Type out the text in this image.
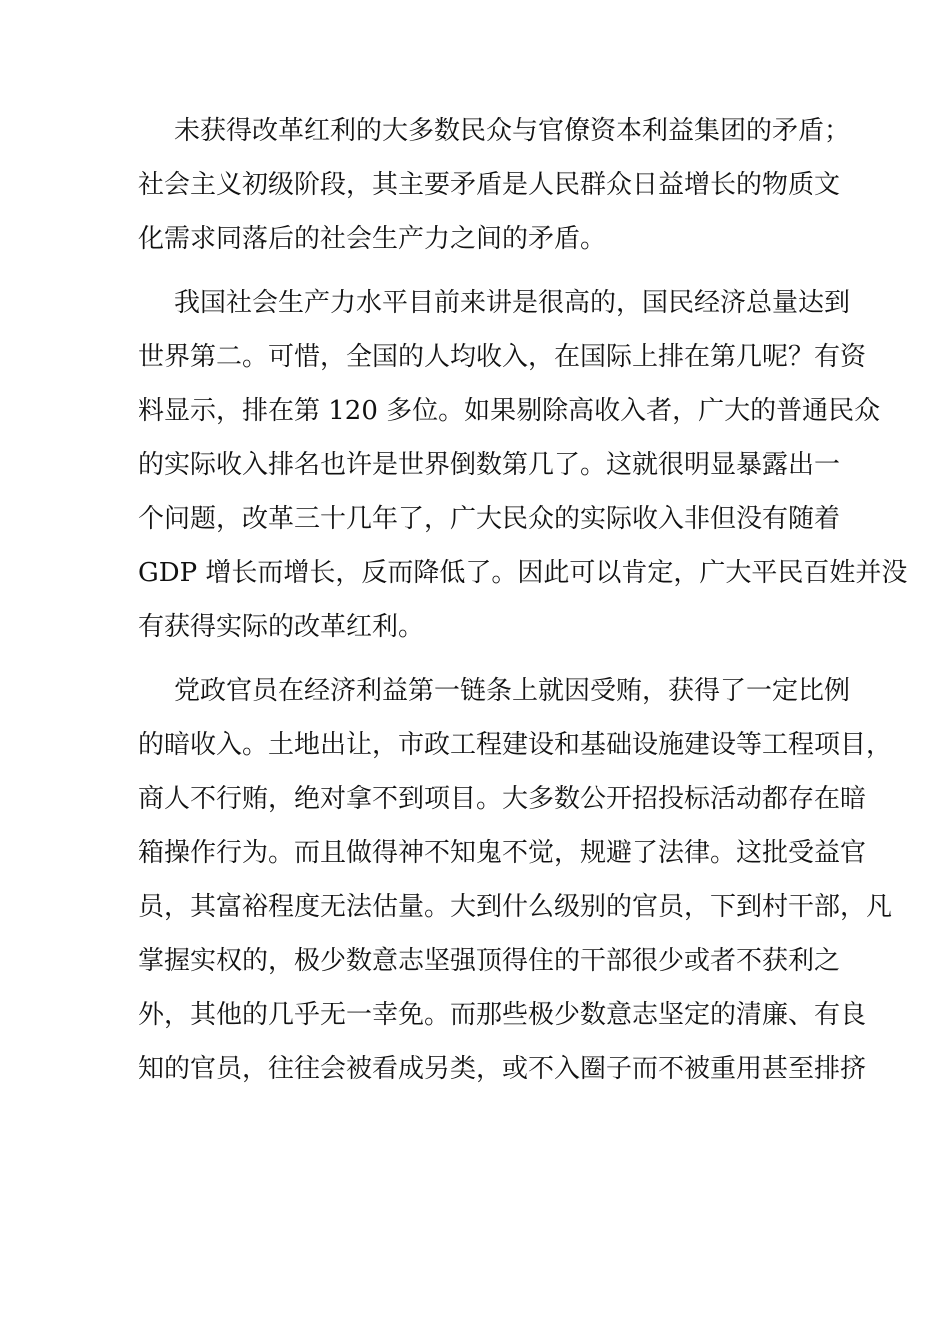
未获得改革红利的大多数民众与官僚资本利益集团的矛盾；
社会主义初级阶段，其主要矛盾是人民群众日益增长的物质文
化需求同落后的社会生产力之间的矛盾。
我国社会生产力水平目前来讲是很高的，国民经济总量达到
世界第二。可惜，全国的人均收入，在国际上排在第几呢？有资
料显示，排在第 120 多位。如果剔除高收入者，广大的普通民众
的实际收入排名也许是世界倒数第几了。这就很明显暴露出一
个问题，改革三十几年了，广大民众的实际收入非但没有随着
GDP 增长而增长，反而降低了。因此可以肯定，广大平民百姓并没
有获得实际的改革红利。
党政官员在经济利益第一链条上就因受贿，获得了一定比例
的暗收入。土地出让，市政工程建设和基础设施建设等工程项目，
商人不行贿，绝对拿不到项目。大多数公开招投标活动都存在暗
箱操作行为。而且做得神不知鬼不觉，规避了法律。这批受益官
员，其富裕程度无法估量。大到什么级别的官员，下到村干部，凡
掌握实权的，极少数意志坚强顶得住的干部很少或者不获利之
外，其他的几乎无一幸免。而那些极少数意志坚定的清廉、有良
知的官员，往往会被看成另类，或不入圈子而不被重用甚至排挤
